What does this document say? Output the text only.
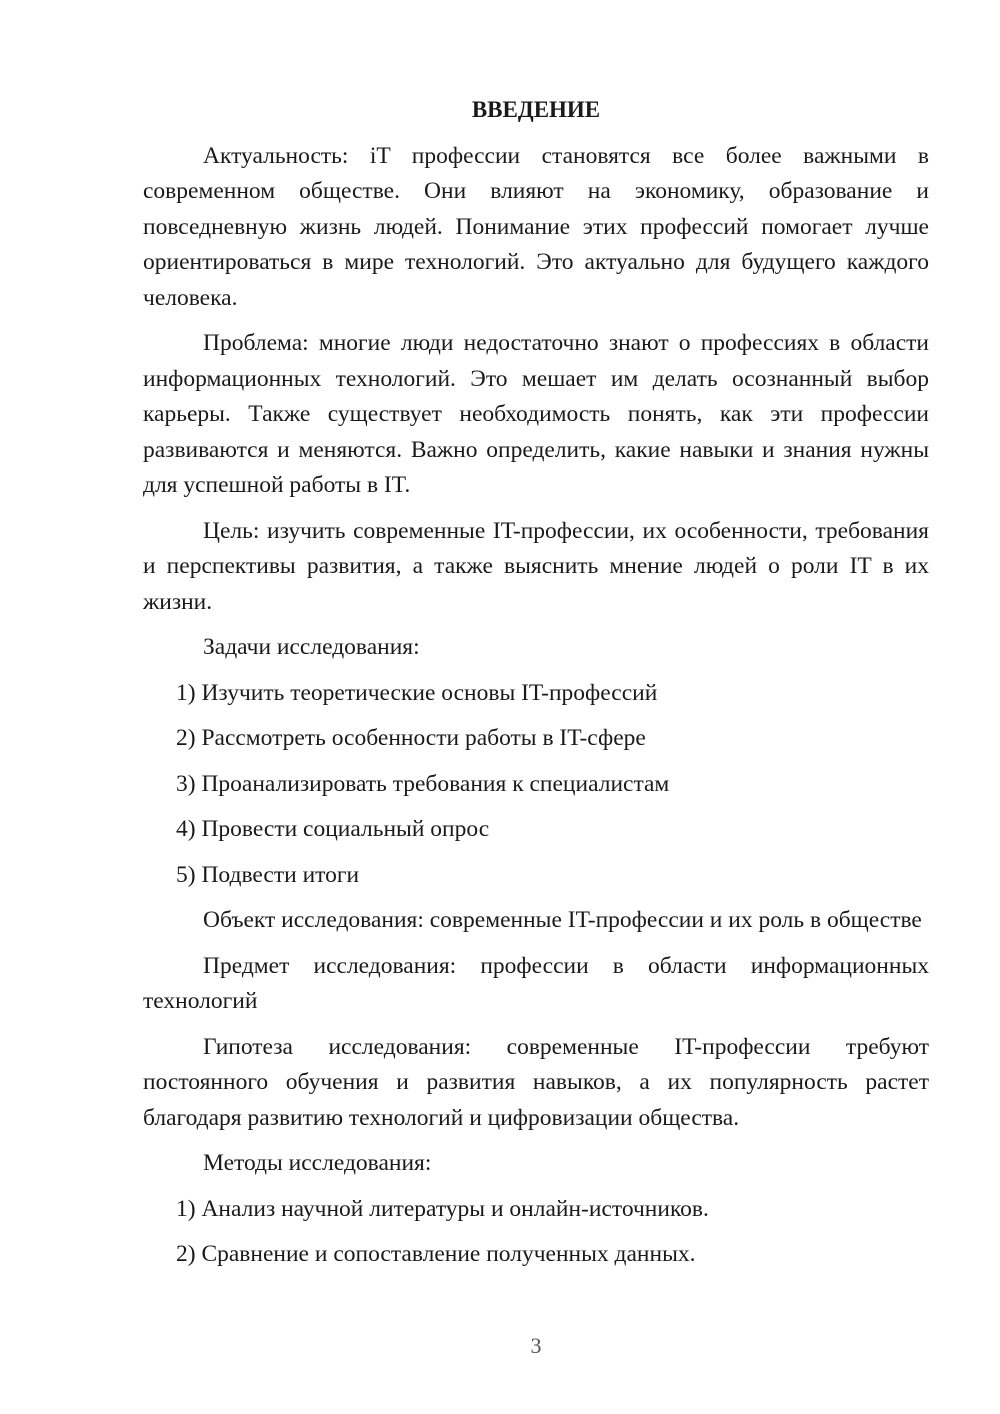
ВВЕДЕНИЕ

Актуальность: iT профессии становятся все более важными в современном обществе. Они влияют на экономику, образование и повседневную жизнь людей. Понимание этих профессий помогает лучше ориентироваться в мире технологий. Это актуально для будущего каждого человека.

Проблема: многие люди недостаточно знают о профессиях в области информационных технологий. Это мешает им делать осознанный выбор карьеры. Также существует необходимость понять, как эти профессии развиваются и меняются. Важно определить, какие навыки и знания нужны для успешной работы в IT.

Цель: изучить современные IT-профессии, их особенности, требования и перспективы развития, а также выяснить мнение людей о роли IT в их жизни.

Задачи исследования:

1) Изучить теоретические основы IT-профессий
2) Рассмотреть особенности работы в IT-сфере
3) Проанализировать требования к специалистам
4) Провести социальный опрос
5) Подвести итоги

Объект исследования: современные IT-профессии и их роль в обществе

Предмет исследования: профессии в области информационных технологий

Гипотеза исследования: современные IT-профессии требуют постоянного обучения и развития навыков, а их популярность растет благодаря развитию технологий и цифровизации общества.

Методы исследования:

1) Анализ научной литературы и онлайн-источников.
2) Сравнение и сопоставление полученных данных.
3
